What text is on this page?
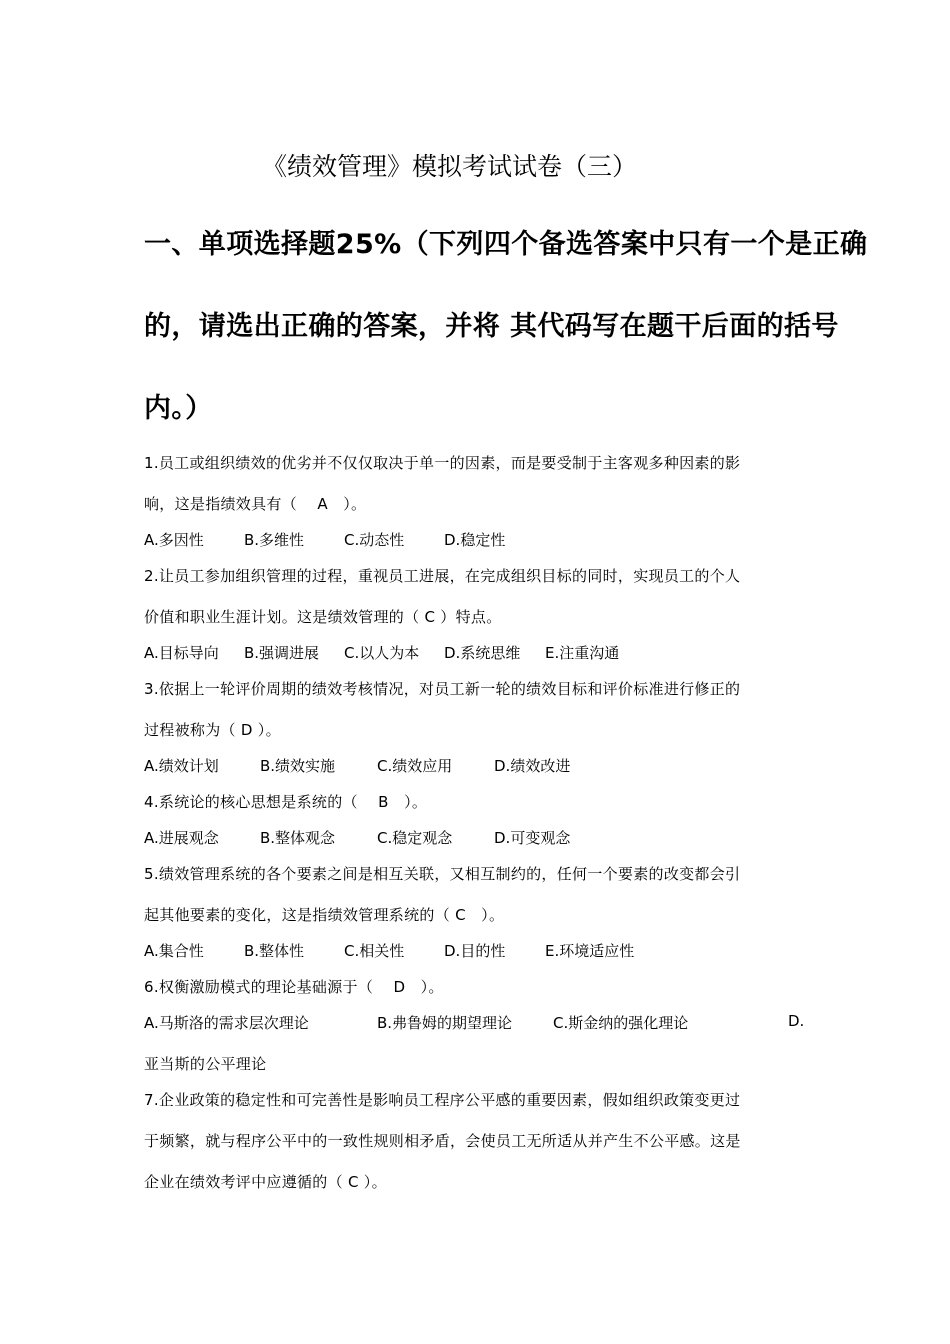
《绩效管理》模拟考试试卷（三）
一、单项选择题25%（下列四个备选答案中只有一个是正确
的，请选出正确的答案，并将 其代码写在题干后面的括号
内。）
1.员工或组织绩效的优劣并不仅仅取决于单一的因素，而是要受制于主客观多种因素的影
响，这是指绩效具有（　 A　）。
A.多因性	B.多维性	C.动态性	D.稳定性
2.让员工参加组织管理的过程，重视员工进展，在完成组织目标的同时，实现员工的个人
价值和职业生涯计划。这是绩效管理的（ C ）特点。
A.目标导向 B.强调进展 C.以人为本 D.系统思维 E.注重沟通
3.依据上一轮评价周期的绩效考核情况，对员工新一轮的绩效目标和评价标准进行修正的
过程被称为（ D ）。
A.绩效计划	B.绩效实施	C.绩效应用	D.绩效改进
4.系统论的核心思想是系统的（　 B　）。
A.进展观念	B.整体观念	C.稳定观念	D.可变观念
5.绩效管理系统的各个要素之间是相互关联，又相互制约的，任何一个要素的改变都会引
起其他要素的变化，这是指绩效管理系统的（ C　）。
A.集合性	B.整体性	C.相关性	D.目的性	E.环境适应性
6.权衡激励模式的理论基础源于（　 D　）。
A.马斯洛的需求层次理论	B.弗鲁姆的期望理论	C.斯金纳的强化理论	D.
亚当斯的公平理论
7.企业政策的稳定性和可完善性是影响员工程序公平感的重要因素，假如组织政策变更过
于频繁，就与程序公平中的一致性规则相矛盾，会使员工无所适从并产生不公平感。这是
企业在绩效考评中应遵循的（ C ）。
